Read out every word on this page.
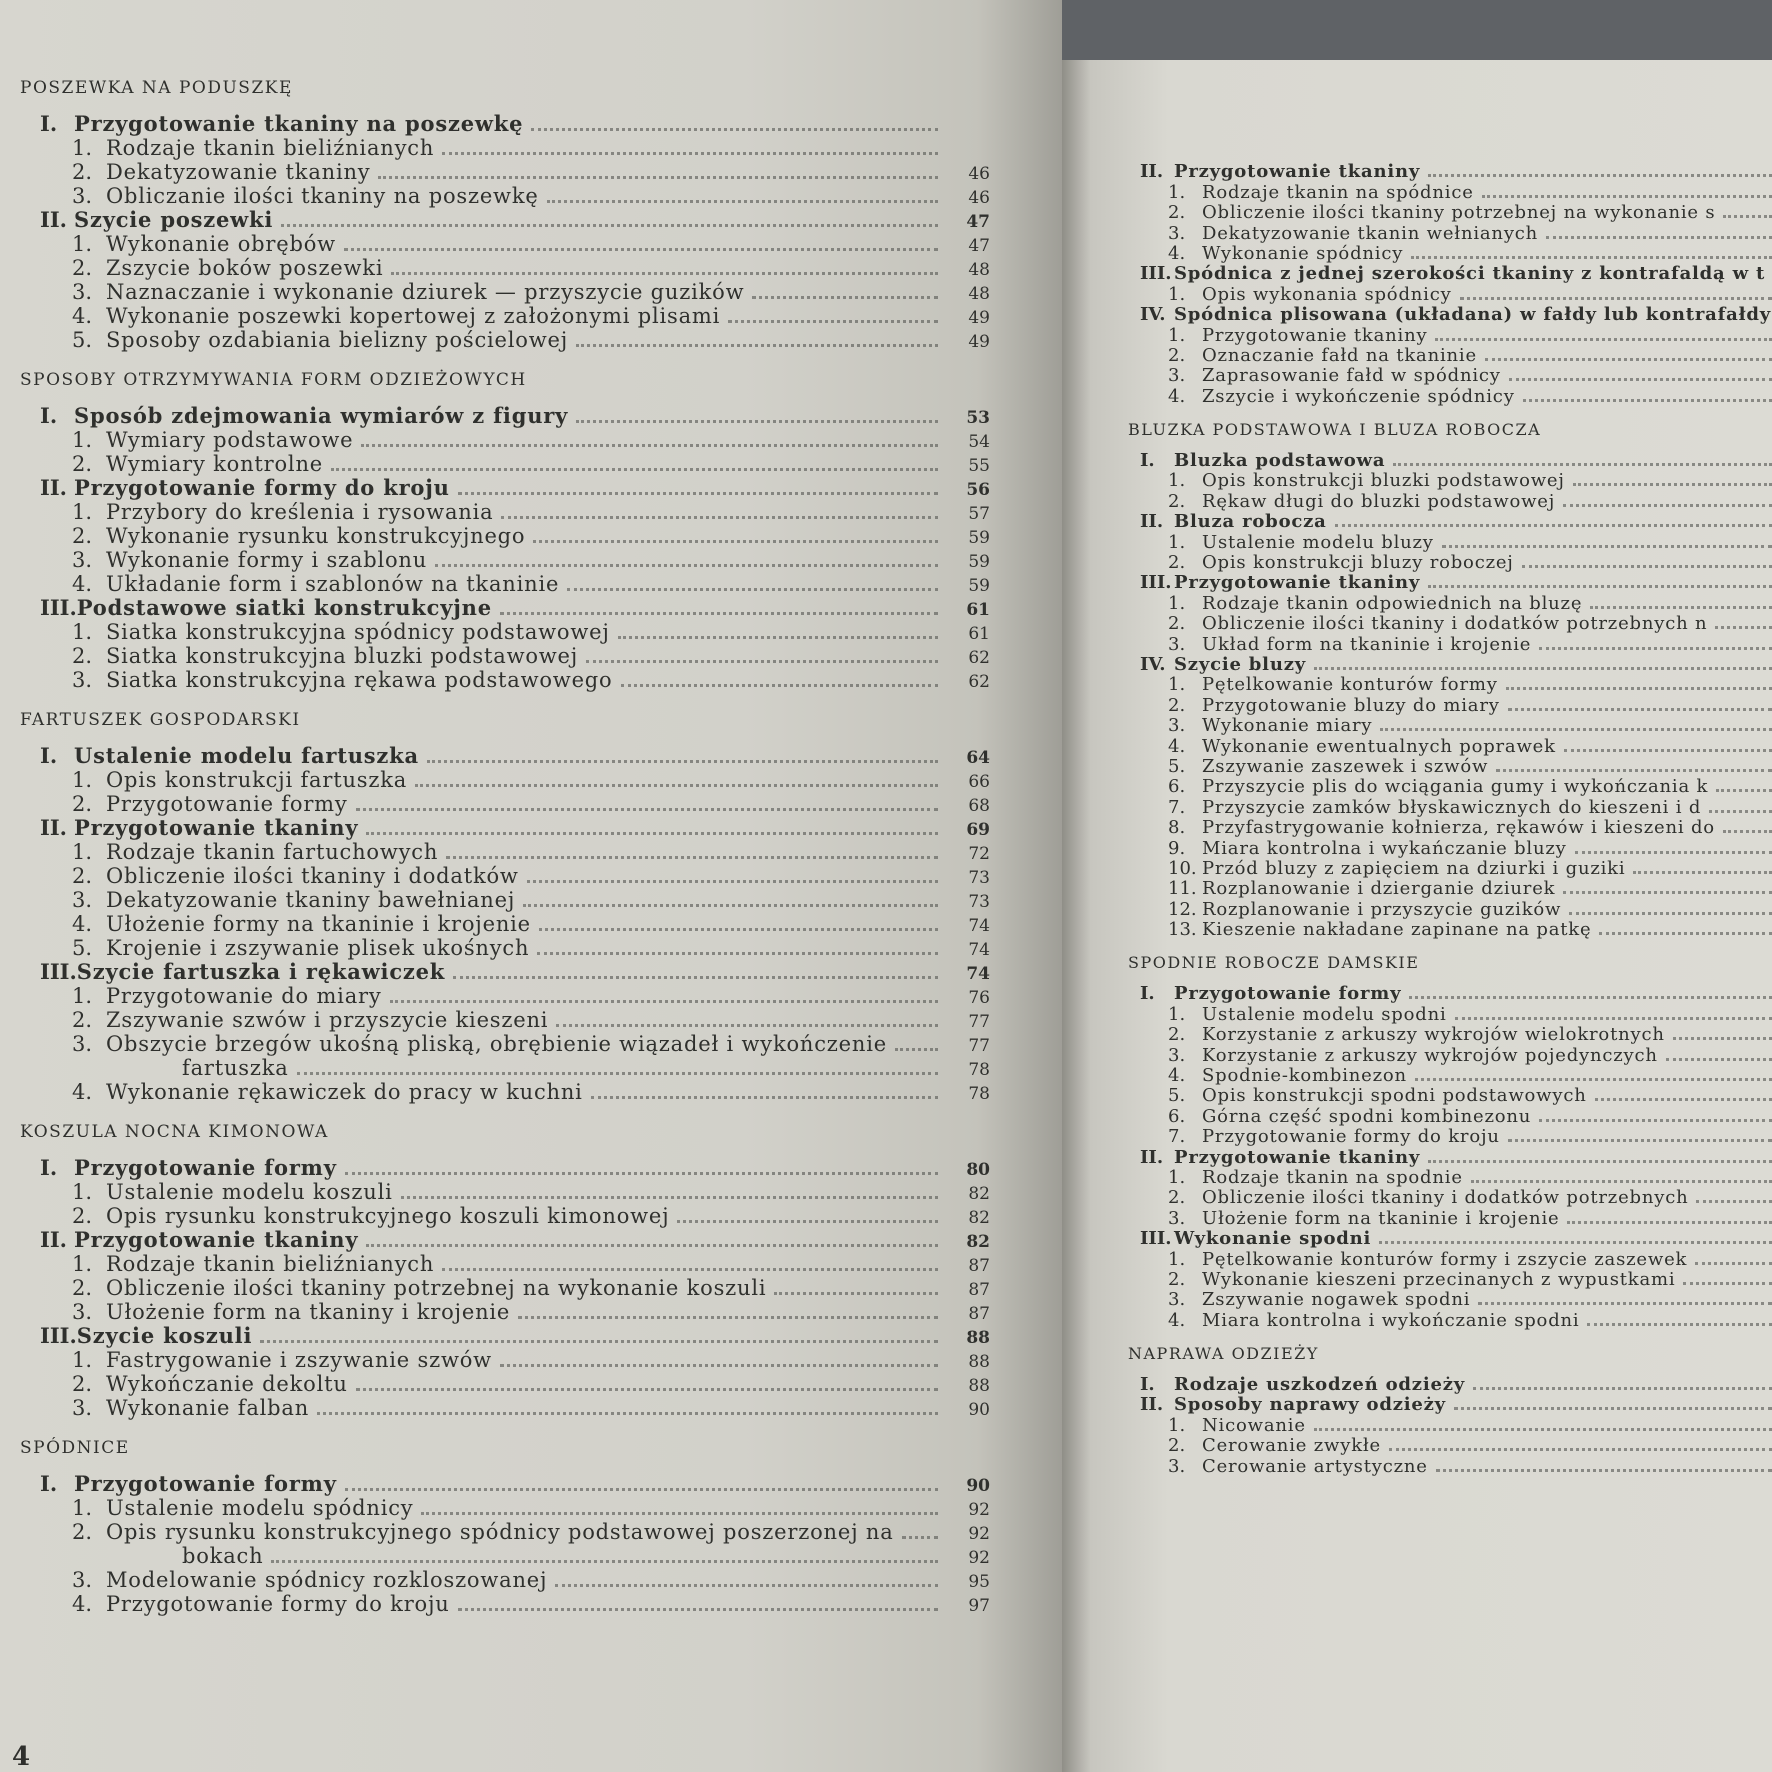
POSZEWKA NA PODUSZKĘ
I. Przygotowanie tkaniny na poszewkę
1. Rodzaje tkanin bieliźnianych
2. Dekatyzowanie tkaniny	46
3. Obliczanie ilości tkaniny na poszewkę	46
II. Szycie poszewki	47
1. Wykonanie obrębów	47
2. Zszycie boków poszewki	48
3. Naznaczanie i wykonanie dziurek — przyszycie guzików	48
4. Wykonanie poszewki kopertowej z założonymi plisami	49
5. Sposoby ozdabiania bielizny pościelowej	49
SPOSOBY OTRZYMYWANIA FORM ODZIEŻOWYCH
I. Sposób zdejmowania wymiarów z figury	53
1. Wymiary podstawowe	54
2. Wymiary kontrolne	55
II. Przygotowanie formy do kroju	56
1. Przybory do kreślenia i rysowania	57
2. Wykonanie rysunku konstrukcyjnego	59
3. Wykonanie formy i szablonu	59
4. Układanie form i szablonów na tkaninie	59
III. Podstawowe siatki konstrukcyjne	61
1. Siatka konstrukcyjna spódnicy podstawowej	61
2. Siatka konstrukcyjna bluzki podstawowej	62
3. Siatka konstrukcyjna rękawa podstawowego	62
FARTUSZEK GOSPODARSKI
I. Ustalenie modelu fartuszka	64
1. Opis konstrukcji fartuszka	66
2. Przygotowanie formy	68
II. Przygotowanie tkaniny	69
1. Rodzaje tkanin fartuchowych	72
2. Obliczenie ilości tkaniny i dodatków	73
3. Dekatyzowanie tkaniny bawełnianej	73
4. Ułożenie formy na tkaninie i krojenie	74
5. Krojenie i zszywanie plisek ukośnych	74
III. Szycie fartuszka i rękawiczek	74
1. Przygotowanie do miary	76
2. Zszywanie szwów i przyszycie kieszeni	77
3. Obszycie brzegów ukośną pliską, obrębienie wiązadeł i wykończenie	77
fartuszka	78
4. Wykonanie rękawiczek do pracy w kuchni	78
KOSZULA NOCNA KIMONOWA
I. Przygotowanie formy	80
1. Ustalenie modelu koszuli	82
2. Opis rysunku konstrukcyjnego koszuli kimonowej	82
II. Przygotowanie tkaniny	82
1. Rodzaje tkanin bieliźnianych	87
2. Obliczenie ilości tkaniny potrzebnej na wykonanie koszuli	87
3. Ułożenie form na tkaniny i krojenie	87
III. Szycie koszuli	88
1. Fastrygowanie i zszywanie szwów	88
2. Wykończanie dekoltu	88
3. Wykonanie falban	90
SPÓDNICE
I. Przygotowanie formy	90
1. Ustalenie modelu spódnicy	92
2. Opis rysunku konstrukcyjnego spódnicy podstawowej poszerzonej na	92
bokach	92
3. Modelowanie spódnicy rozkloszowanej	95
4. Przygotowanie formy do kroju	97
II. Przygotowanie tkaniny
1. Rodzaje tkanin na spódnice
2. Obliczenie ilości tkaniny potrzebnej na wykonanie s
3. Dekatyzowanie tkanin wełnianych
4. Wykonanie spódnicy
III. Spódnica z jednej szerokości tkaniny z kontrafaldą w t
1. Opis wykonania spódnicy
IV. Spódnica plisowana (układana) w fałdy lub kontrafałdy
1. Przygotowanie tkaniny
2. Oznaczanie fałd na tkaninie
3. Zaprasowanie fałd w spódnicy
4. Zszycie i wykończenie spódnicy
BLUZKA PODSTAWOWA I BLUZA ROBOCZA
I.	Bluzka podstawowa
1. Opis konstrukcji bluzki podstawowej
2. Rękaw długi do bluzki podstawowej
II. Bluza robocza
1. Ustalenie modelu bluzy
2. Opis konstrukcji bluzy roboczej
III. Przygotowanie tkaniny
1. Rodzaje tkanin odpowiednich na bluzę
2. Obliczenie ilości tkaniny i dodatków potrzebnych n
3. Układ form na tkaninie i krojenie
IV. Szycie bluzy
1. Pętelkowanie konturów formy
2. Przygotowanie bluzy do miary
3. Wykonanie miary
4. Wykonanie ewentualnych poprawek
5. Zszywanie zaszewek i szwów
6. Przyszycie plis do wciągania gumy i wykończania k
7. Przyszycie zamków błyskawicznych do kieszeni i d
8. Przyfastrygowanie kołnierza, rękawów i kieszeni do
9. Miara kontrolna i wykańczanie bluzy
10. Przód bluzy z zapięciem na dziurki i guziki
11. Rozplanowanie i dzierganie dziurek
12. Rozplanowanie i przyszycie guzików
13. Kieszenie nakładane zapinane na patkę
SPODNIE ROBOCZE DAMSKIE
I.	Przygotowanie formy
1. Ustalenie modelu spodni
2. Korzystanie z arkuszy wykrojów wielokrotnych
3. Korzystanie z arkuszy wykrojów pojedynczych
4. Spodnie-kombinezon
5. Opis konstrukcji spodni podstawowych
6. Górna część spodni kombinezonu
7. Przygotowanie formy do kroju
II. Przygotowanie tkaniny
1. Rodzaje tkanin na spodnie
2. Obliczenie ilości tkaniny i dodatków potrzebnych
3. Ułożenie form na tkaninie i krojenie
III. Wykonanie spodni
1. Pętelkowanie konturów formy i zszycie zaszewek
2. Wykonanie kieszeni przecinanych z wypustkami
3. Zszywanie nogawek spodni
4. Miara kontrolna i wykończanie spodni
NAPRAWA ODZIEŻY
I.	Rodzaje uszkodzeń odzieży
II. Sposoby naprawy odzieży
1. Nicowanie
2. Cerowanie zwykłe
3. Cerowanie artystyczne
4
